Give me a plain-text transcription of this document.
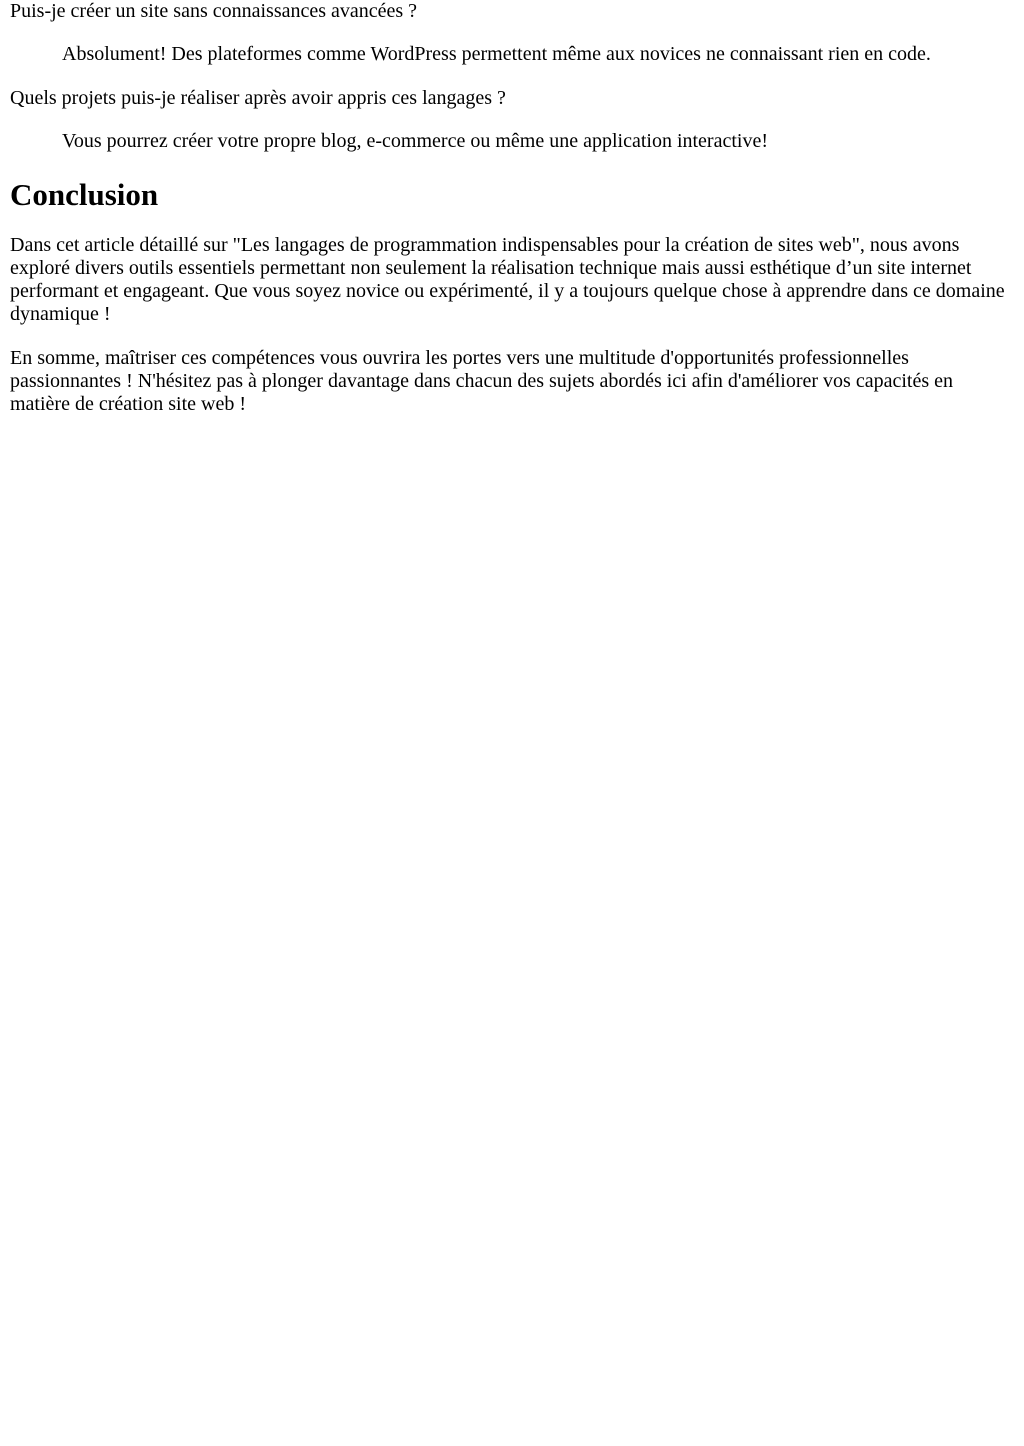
Puis-je créer un site sans connaissances avancées ?
Absolument! Des plateformes comme WordPress permettent même aux novices ne connaissant rien en code.
Quels projets puis-je réaliser après avoir appris ces langages ?
Vous pourrez créer votre propre blog, e-commerce ou même une application interactive!
Conclusion

Dans cet article détaillé sur "Les langages de programmation indispensables pour la création de sites web", nous avons exploré divers outils essentiels permettant non seulement la réalisation technique mais aussi esthétique d’un site internet performant et engageant. Que vous soyez novice ou expérimenté, il y a toujours quelque chose à apprendre dans ce domaine dynamique !

En somme, maîtriser ces compétences vous ouvrira les portes vers une multitude d'opportunités professionnelles passionnantes ! N'hésitez pas à plonger davantage dans chacun des sujets abordés ici afin d'améliorer vos capacités en matière de création site web !
